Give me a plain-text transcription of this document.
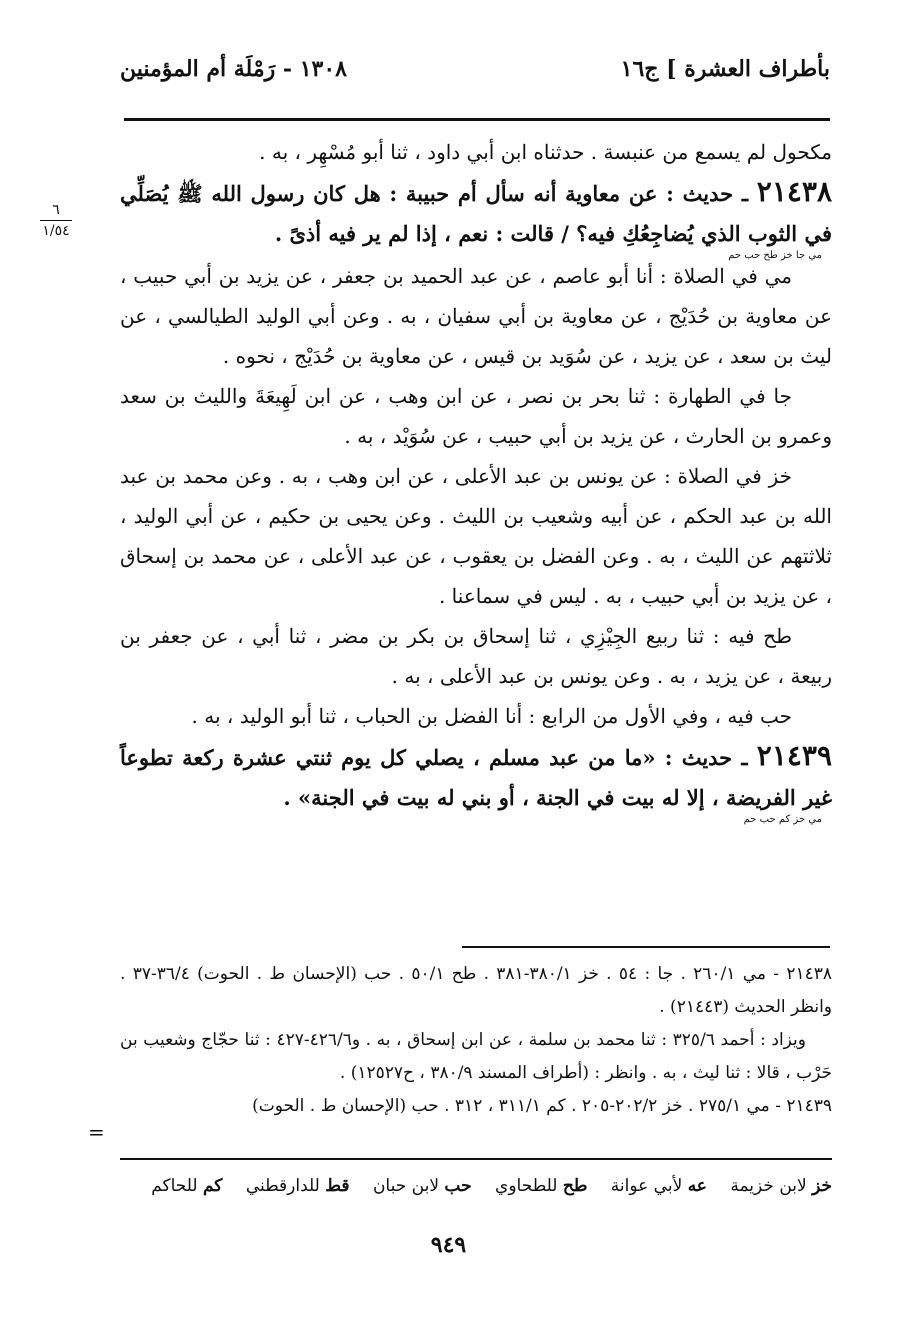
بأطراف العشرة ] ج١٦
١٣٠٨ - رَمْلَة أم المؤمنين
٦
١/٥٤

مكحول لم يسمع من عنبسة . حدثناه ابن أبي داود ، ثنا أبو مُسْهِر ، به .

٢١٤٣٨ ـ حديث : عن معاوية أنه سأل أم حبيبة : هل كان رسول الله ﷺ يُصَلِّي في الثوب الذي يُضاجِعُكِ فيه؟ / قالت : نعم ، إذا لم ير فيه أذىً .

مي جا خز طح حب حم

مي في الصلاة : أنا أبو عاصم ، عن عبد الحميد بن جعفر ، عن يزيد بن أبي حبيب ، عن معاوية بن حُدَيْج ، عن معاوية بن أبي سفيان ، به . وعن أبي الوليد الطيالسي ، عن ليث بن سعد ، عن يزيد ، عن سُوَيد بن قيس ، عن معاوية بن حُدَيْج ، نحوه .

جا في الطهارة : ثنا بحر بن نصر ، عن ابن وهب ، عن ابن لَهِيعَةَ والليث بن سعد وعمرو بن الحارث ، عن يزيد بن أبي حبيب ، عن سُوَيْد ، به .

خز في الصلاة : عن يونس بن عبد الأعلى ، عن ابن وهب ، به . وعن محمد بن عبد الله بن عبد الحكم ، عن أبيه وشعيب بن الليث . وعن يحيى بن حكيم ، عن أبي الوليد ، ثلاثتهم عن الليث ، به . وعن الفضل بن يعقوب ، عن عبد الأعلى ، عن محمد بن إسحاق ، عن يزيد بن أبي حبيب ، به . ليس في سماعنا .

طح فيه : ثنا ربيع الجِيْزِي ، ثنا إسحاق بن بكر بن مضر ، ثنا أبي ، عن جعفر بن ربيعة ، عن يزيد ، به . وعن يونس بن عبد الأعلى ، به .

حب فيه ، وفي الأول من الرابع : أنا الفضل بن الحباب ، ثنا أبو الوليد ، به .

٢١٤٣٩ ـ حديث : «ما من عبد مسلم ، يصلي كل يوم ثنتي عشرة ركعة تطوعاً غير الفريضة ، إلا له بيت في الجنة ، أو بني له بيت في الجنة» .

مي خز كم حب حم

٢١٤٣٨ - مي ٢٦٠/١ . جا : ٥٤ . خز ٣٨٠/١-٣٨١ . طح ٥٠/١ . حب (الإحسان ط . الحوت) ٣٦/٤-٣٧ . وانظر الحديث (٢١٤٤٣) .

ويزاد : أحمد ٣٢٥/٦ : ثنا محمد بن سلمة ، عن ابن إسحاق ، به . و٤٢٦/٦-٤٢٧ : ثنا حجّاج وشعيب بن حَرْب ، قالا : ثنا ليث ، به . وانظر : (أطراف المسند ٣٨٠/٩ ، ح١٢٥٢٧) .

٢١٤٣٩ - مي ٢٧٥/١ . خز ٢٠٢/٢-٢٠٥ . كم ٣١١/١ ، ٣١٢ . حب (الإحسان ط . الحوت)

=
خز لابن خزيمة عه لأبي عوانة طح للطحاوي حب لابن حبان قط للدارقطني كم للحاكم
٩٤٩
